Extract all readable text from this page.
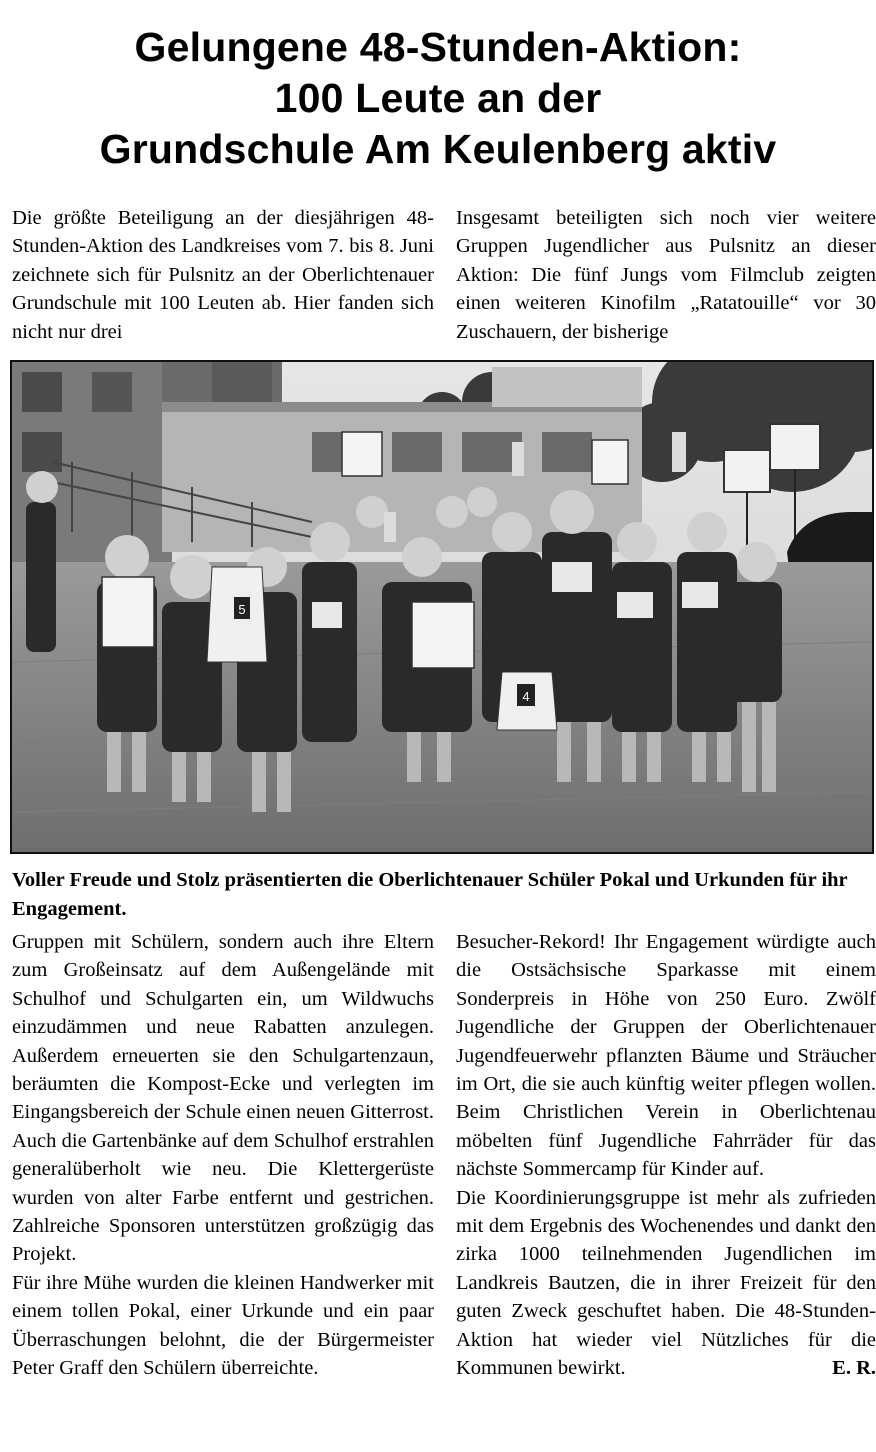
Gelungene 48-Stunden-Aktion:
100 Leute an der
Grundschule Am Keulenberg aktiv

Die größte Beteiligung an der diesjährigen 48-Stunden-Aktion des Landkreises vom 7. bis 8. Juni zeichnete sich für Pulsnitz an der Oberlichtenauer Grundschule mit 100 Leuten ab. Hier fanden sich nicht nur drei

Insgesamt beteiligten sich noch vier weitere Gruppen Jugendlicher aus Pulsnitz an dieser Aktion: Die fünf Jungs vom Filmclub zeigten einen weiteren Kinofilm „Ratatouille“ vor 30 Zuschauern, der bisherige

5
4
Voller Freude und Stolz präsentierten die Oberlichtenauer Schüler Pokal und Urkunden für ihr Engagement.

Gruppen mit Schülern, sondern auch ihre Eltern zum Großeinsatz auf dem Außengelände mit Schulhof und Schulgarten ein, um Wildwuchs einzudämmen und neue Rabatten anzulegen. Außerdem erneuerten sie den Schulgartenzaun, beräumten die Kompost-Ecke und verlegten im Eingangsbereich der Schule einen neuen Gitterrost. Auch die Gartenbänke auf dem Schulhof erstrahlen generalüberholt wie neu. Die Klettergerüste wurden von alter Farbe entfernt und gestrichen. Zahlreiche Sponsoren unterstützen großzügig das Projekt.

Für ihre Mühe wurden die kleinen Handwerker mit einem tollen Pokal, einer Urkunde und ein paar Überraschungen belohnt, die der Bürgermeister Peter Graff den Schülern überreichte.

Besucher-Rekord! Ihr Engagement würdigte auch die Ostsächsische Sparkasse mit einem Sonderpreis in Höhe von 250 Euro. Zwölf Jugendliche der Gruppen der Oberlichtenauer Jugendfeuerwehr pflanzten Bäume und Sträucher im Ort, die sie auch künftig weiter pflegen wollen. Beim Christlichen Verein in Oberlichtenau möbelten fünf Jugendliche Fahrräder für das nächste Sommercamp für Kinder auf.

Die Koordinierungsgruppe ist mehr als zufrieden mit dem Ergebnis des Wochenendes und dankt den zirka 1000 teilnehmenden Jugendlichen im Landkreis Bautzen, die in ihrer Freizeit für den guten Zweck geschuftet haben. Die 48-Stunden-Aktion hat wieder viel Nützliches für die Kommunen bewirkt.	E. R.
